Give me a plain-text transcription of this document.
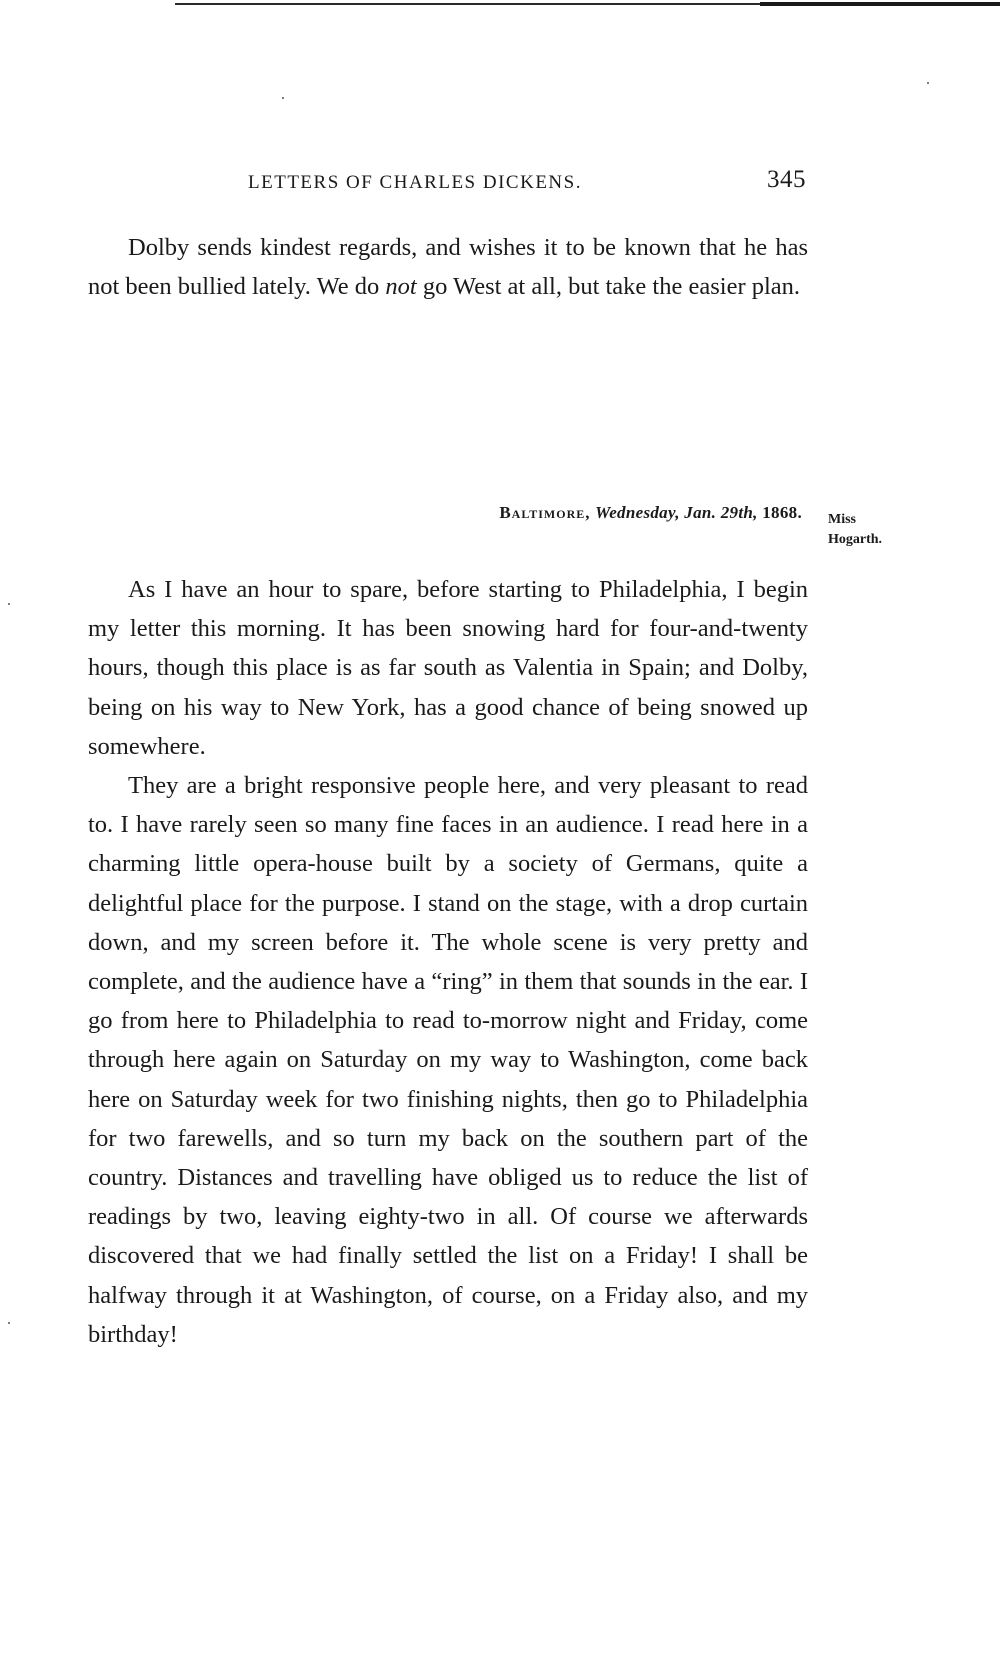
LETTERS OF CHARLES DICKENS.	345

Dolby sends kindest regards, and wishes it to be known that he has not been bullied lately. We do not go West at all, but take the easier plan.

Baltimore, Wednesday, Jan. 29th, 1868. Miss
Hogarth.

As I have an hour to spare, before starting to Philadelphia, I begin my letter this morning. It has been snowing hard for four-and-twenty hours, though this place is as far south as Valentia in Spain; and Dolby, being on his way to New York, has a good chance of being snowed up somewhere.

They are a bright responsive people here, and very pleasant to read to. I have rarely seen so many fine faces in an audience. I read here in a charming little opera-house built by a society of Germans, quite a delightful place for the purpose. I stand on the stage, with a drop curtain down, and my screen before it. The whole scene is very pretty and complete, and the audience have a “ring” in them that sounds in the ear. I go from here to Philadelphia to read to-morrow night and Friday, come through here again on Saturday on my way to Washington, come back here on Saturday week for two finishing nights, then go to Philadelphia for two farewells, and so turn my back on the southern part of the country. Distances and travelling have obliged us to reduce the list of readings by two, leaving eighty-two in all. Of course we afterwards discovered that we had finally settled the list on a Friday! I shall be halfway through it at Washington, of course, on a Friday also, and my birthday!
